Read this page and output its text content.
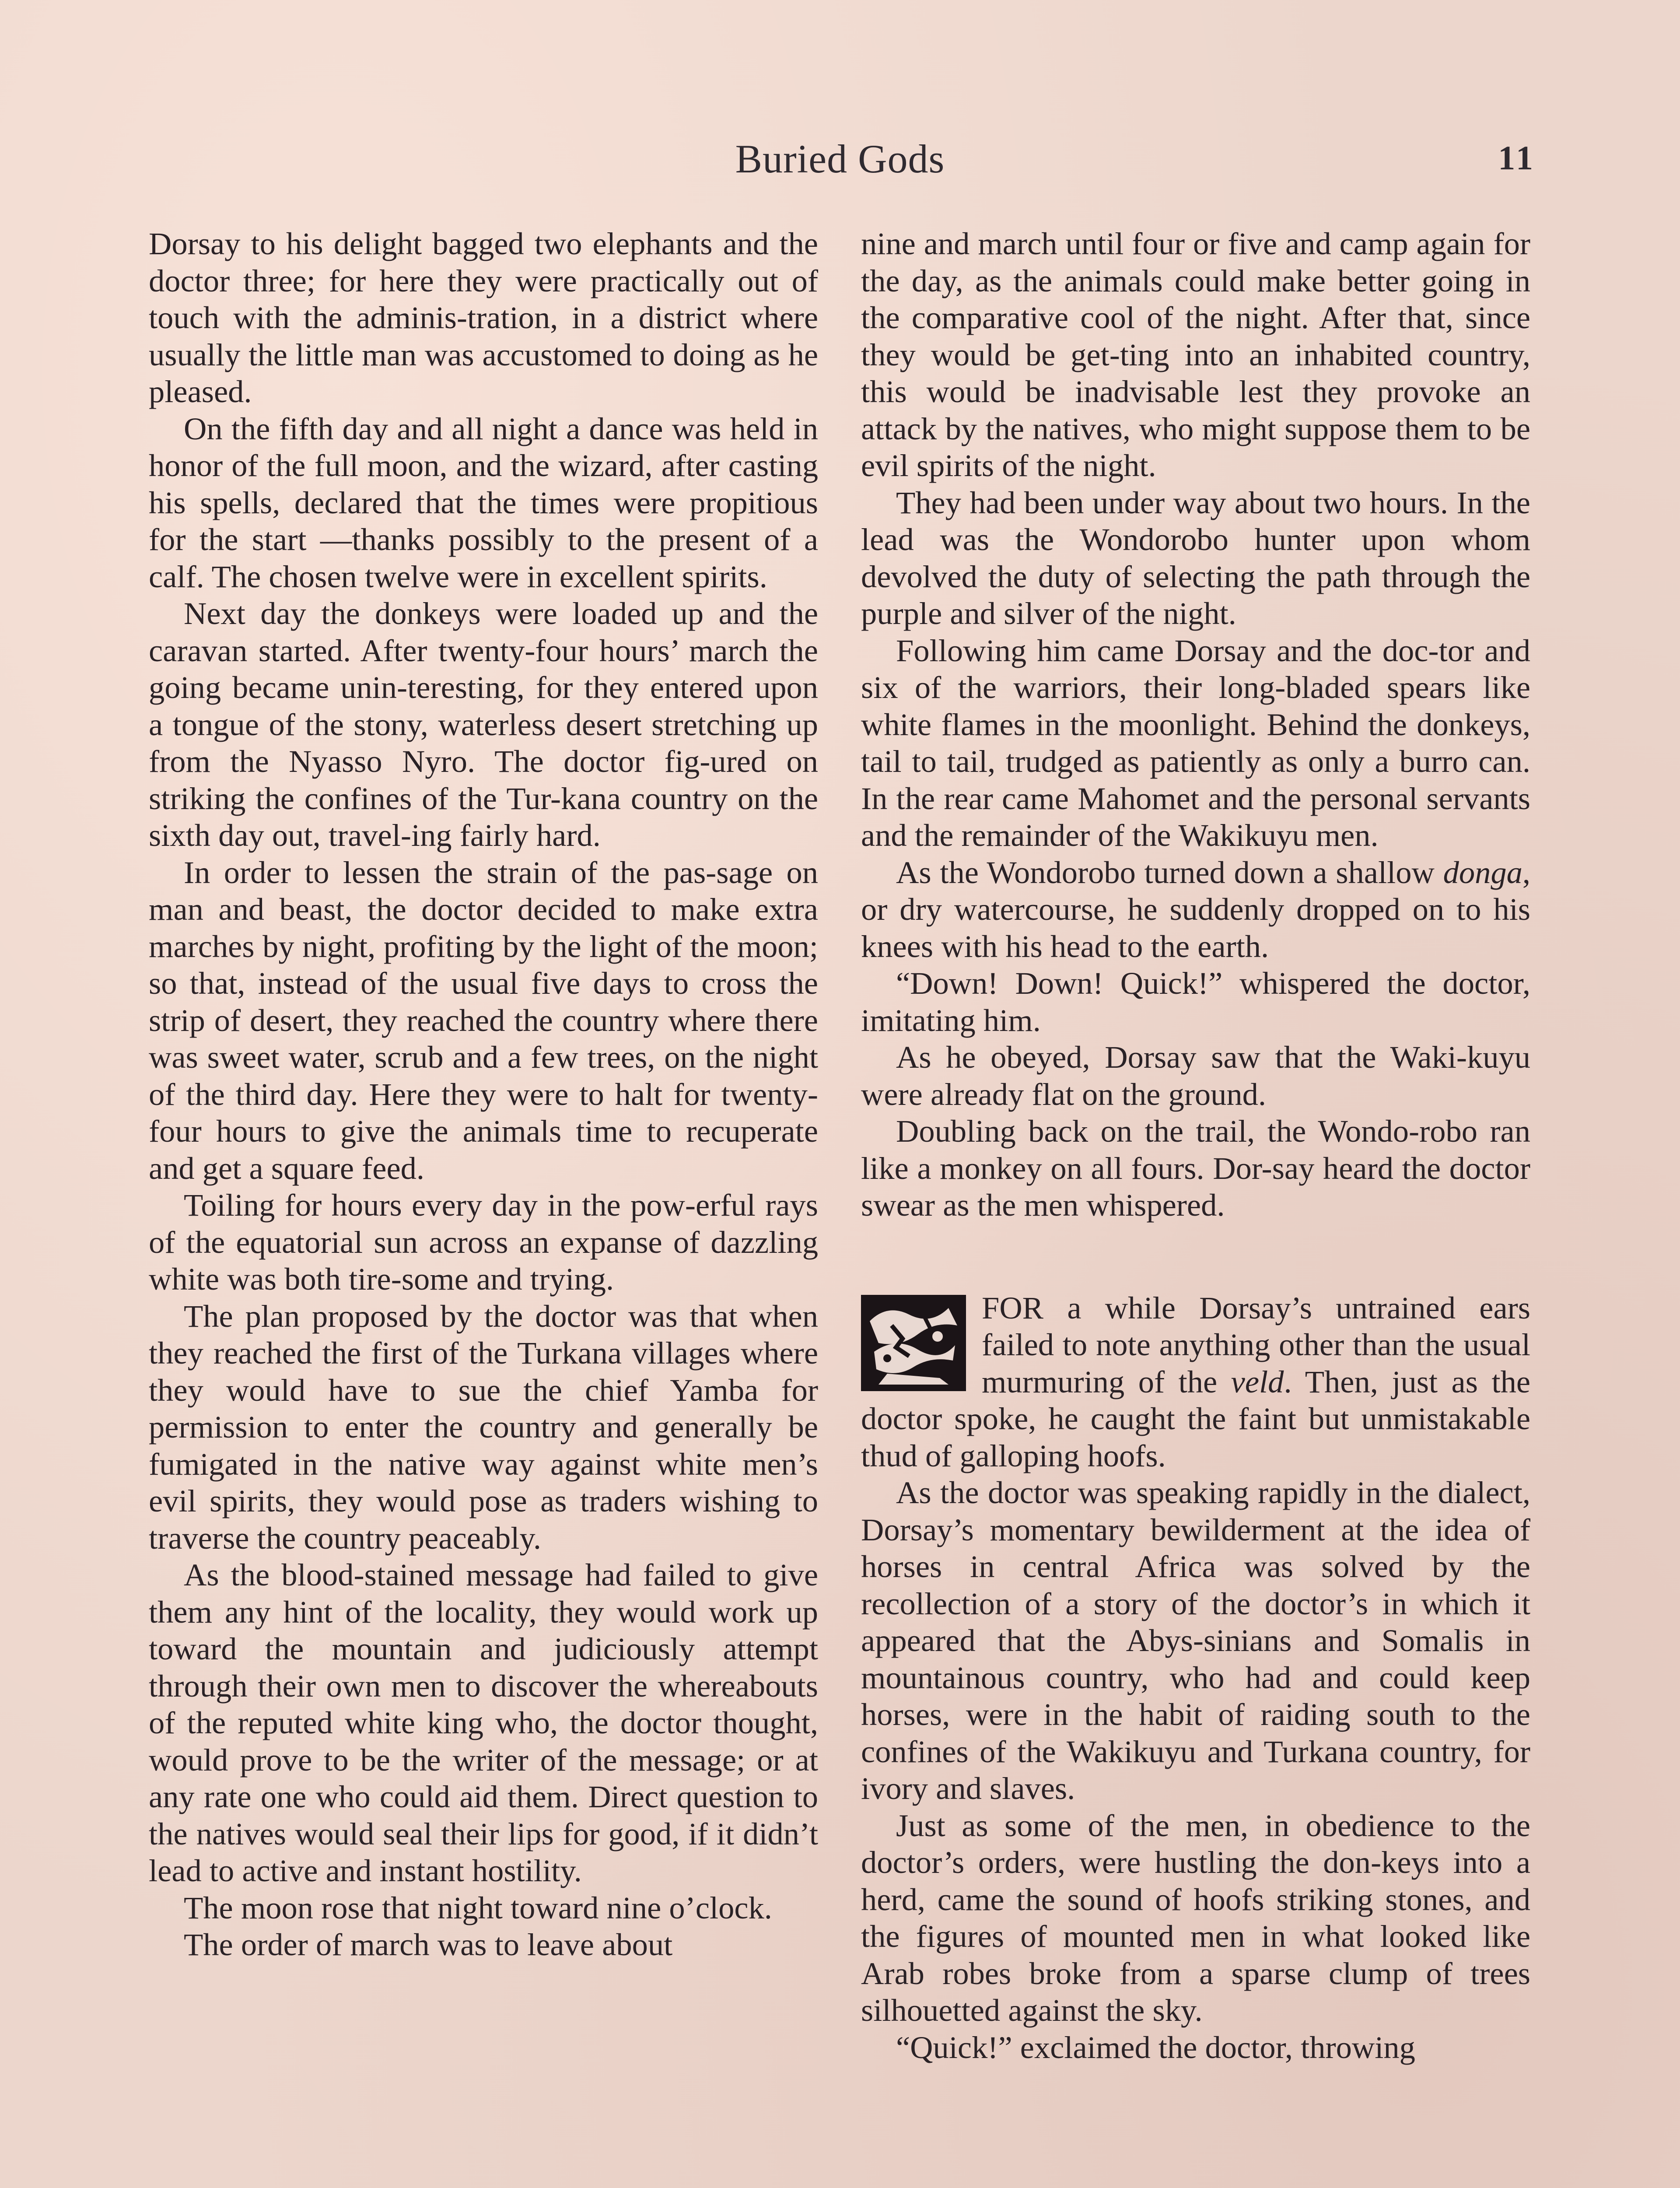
Buried Gods	11

Dorsay to his delight bagged two elephants and the doctor three; for here they were practically out of touch with the adminis-tration, in a district where usually the little man was accustomed to doing as he pleased.

On the fifth day and all night a dance was held in honor of the full moon, and the wizard, after casting his spells, declared that the times were propitious for the start —thanks possibly to the present of a calf. The chosen twelve were in excellent spirits.

Next day the donkeys were loaded up and the caravan started. After twenty-four hours’ march the going became unin-teresting, for they entered upon a tongue of the stony, waterless desert stretching up from the Nyasso Nyro. The doctor fig-ured on striking the confines of the Tur-kana country on the sixth day out, travel-ing fairly hard.

In order to lessen the strain of the pas-sage on man and beast, the doctor decided to make extra marches by night, profiting by the light of the moon; so that, instead of the usual five days to cross the strip of desert, they reached the country where there was sweet water, scrub and a few trees, on the night of the third day. Here they were to halt for twenty-four hours to give the animals time to recuperate and get a square feed.

Toiling for hours every day in the pow-erful rays of the equatorial sun across an expanse of dazzling white was both tire-some and trying.

The plan proposed by the doctor was that when they reached the first of the Turkana villages where they would have to sue the chief Yamba for permission to enter the country and generally be fumigated in the native way against white men’s evil spirits, they would pose as traders wishing to traverse the country peaceably.

As the blood-stained message had failed to give them any hint of the locality, they would work up toward the mountain and judiciously attempt through their own men to discover the whereabouts of the reputed white king who, the doctor thought, would prove to be the writer of the message; or at any rate one who could aid them. Direct question to the natives would seal their lips for good, if it didn’t lead to active and instant hostility.

The moon rose that night toward nine o’clock.

The order of march was to leave about

nine and march until four or five and camp again for the day, as the animals could make better going in the comparative cool of the night. After that, since they would be get-ting into an inhabited country, this would be inadvisable lest they provoke an attack by the natives, who might suppose them to be evil spirits of the night.

They had been under way about two hours. In the lead was the Wondorobo hunter upon whom devolved the duty of selecting the path through the purple and silver of the night.

Following him came Dorsay and the doc-tor and six of the warriors, their long-bladed spears like white flames in the moonlight. Behind the donkeys, tail to tail, trudged as patiently as only a burro can. In the rear came Mahomet and the personal servants and the remainder of the Wakikuyu men.

As the Wondorobo turned down a shallow donga, or dry watercourse, he suddenly dropped on to his knees with his head to the earth.

“Down! Down! Quick!” whispered the doctor, imitating him.

As he obeyed, Dorsay saw that the Waki-kuyu were already flat on the ground.

Doubling back on the trail, the Wondo-robo ran like a monkey on all fours. Dor-say heard the doctor swear as the men whispered.

FOR a while Dorsay’s untrained ears failed to note anything other than the usual murmuring of the veld. Then, just as the doctor spoke, he caught the faint but unmistakable thud of galloping hoofs.

As the doctor was speaking rapidly in the dialect, Dorsay’s momentary bewilderment at the idea of horses in central Africa was solved by the recollection of a story of the doctor’s in which it appeared that the Abys-sinians and Somalis in mountainous country, who had and could keep horses, were in the habit of raiding south to the confines of the Wakikuyu and Turkana country, for ivory and slaves.

Just as some of the men, in obedience to the doctor’s orders, were hustling the don-keys into a herd, came the sound of hoofs striking stones, and the figures of mounted men in what looked like Arab robes broke from a sparse clump of trees silhouetted against the sky.

“Quick!” exclaimed the doctor, throwing
